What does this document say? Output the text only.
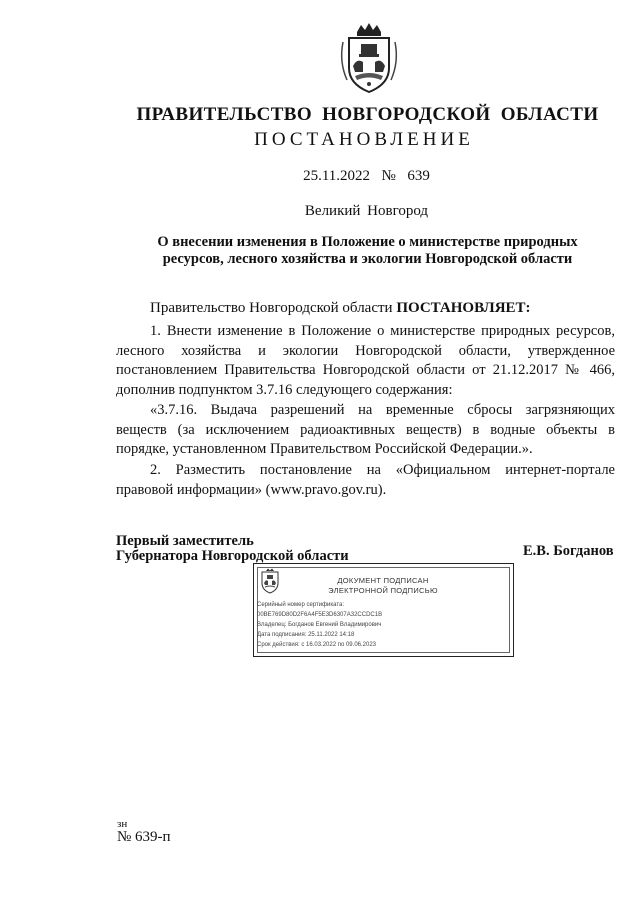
ПРАВИТЕЛЬСТВО НОВГОРОДСКОЙ ОБЛАСТИ
ПОСТАНОВЛЕНИЕ
25.11.2022  №  639
Великий Новгород
О внесении изменения в Положение о министерстве природных
ресурсов, лесного хозяйства и экологии Новгородской области
Правительство Новгородской области ПОСТАНОВЛЯЕТ:
1. Внести изменение в Положение о министерстве природных ресурсов,
лесного хозяйства и экологии Новгородской области, утвержденное
постановлением Правительства Новгородской области от 21.12.2017 № 466,
дополнив подпунктом 3.7.16 следующего содержания:
«3.7.16. Выдача разрешений на временные сбросы загрязняющих
веществ (за исключением радиоактивных веществ) в водные объекты в
порядке, установленном Правительством Российской Федерации.».
2. Разместить постановление на «Официальном интернет-портале
правовой информации» (www.pravo.gov.ru).
Первый заместитель
Губернатора Новгородской области	Е.В. Богданов
ДОКУМЕНТ ПОДПИСАН
ЭЛЕКТРОННОЙ ПОДПИСЬЮ
Серийный номер сертификата:
00BE769D80D2F6A4F5E3D6307A32CCDC1B
Владелец: Богданов Евгений Владимирович
Дата подписания: 25.11.2022 14:18
Срок действия: с 16.03.2022 по 09.06.2023
зн
№ 639-п
